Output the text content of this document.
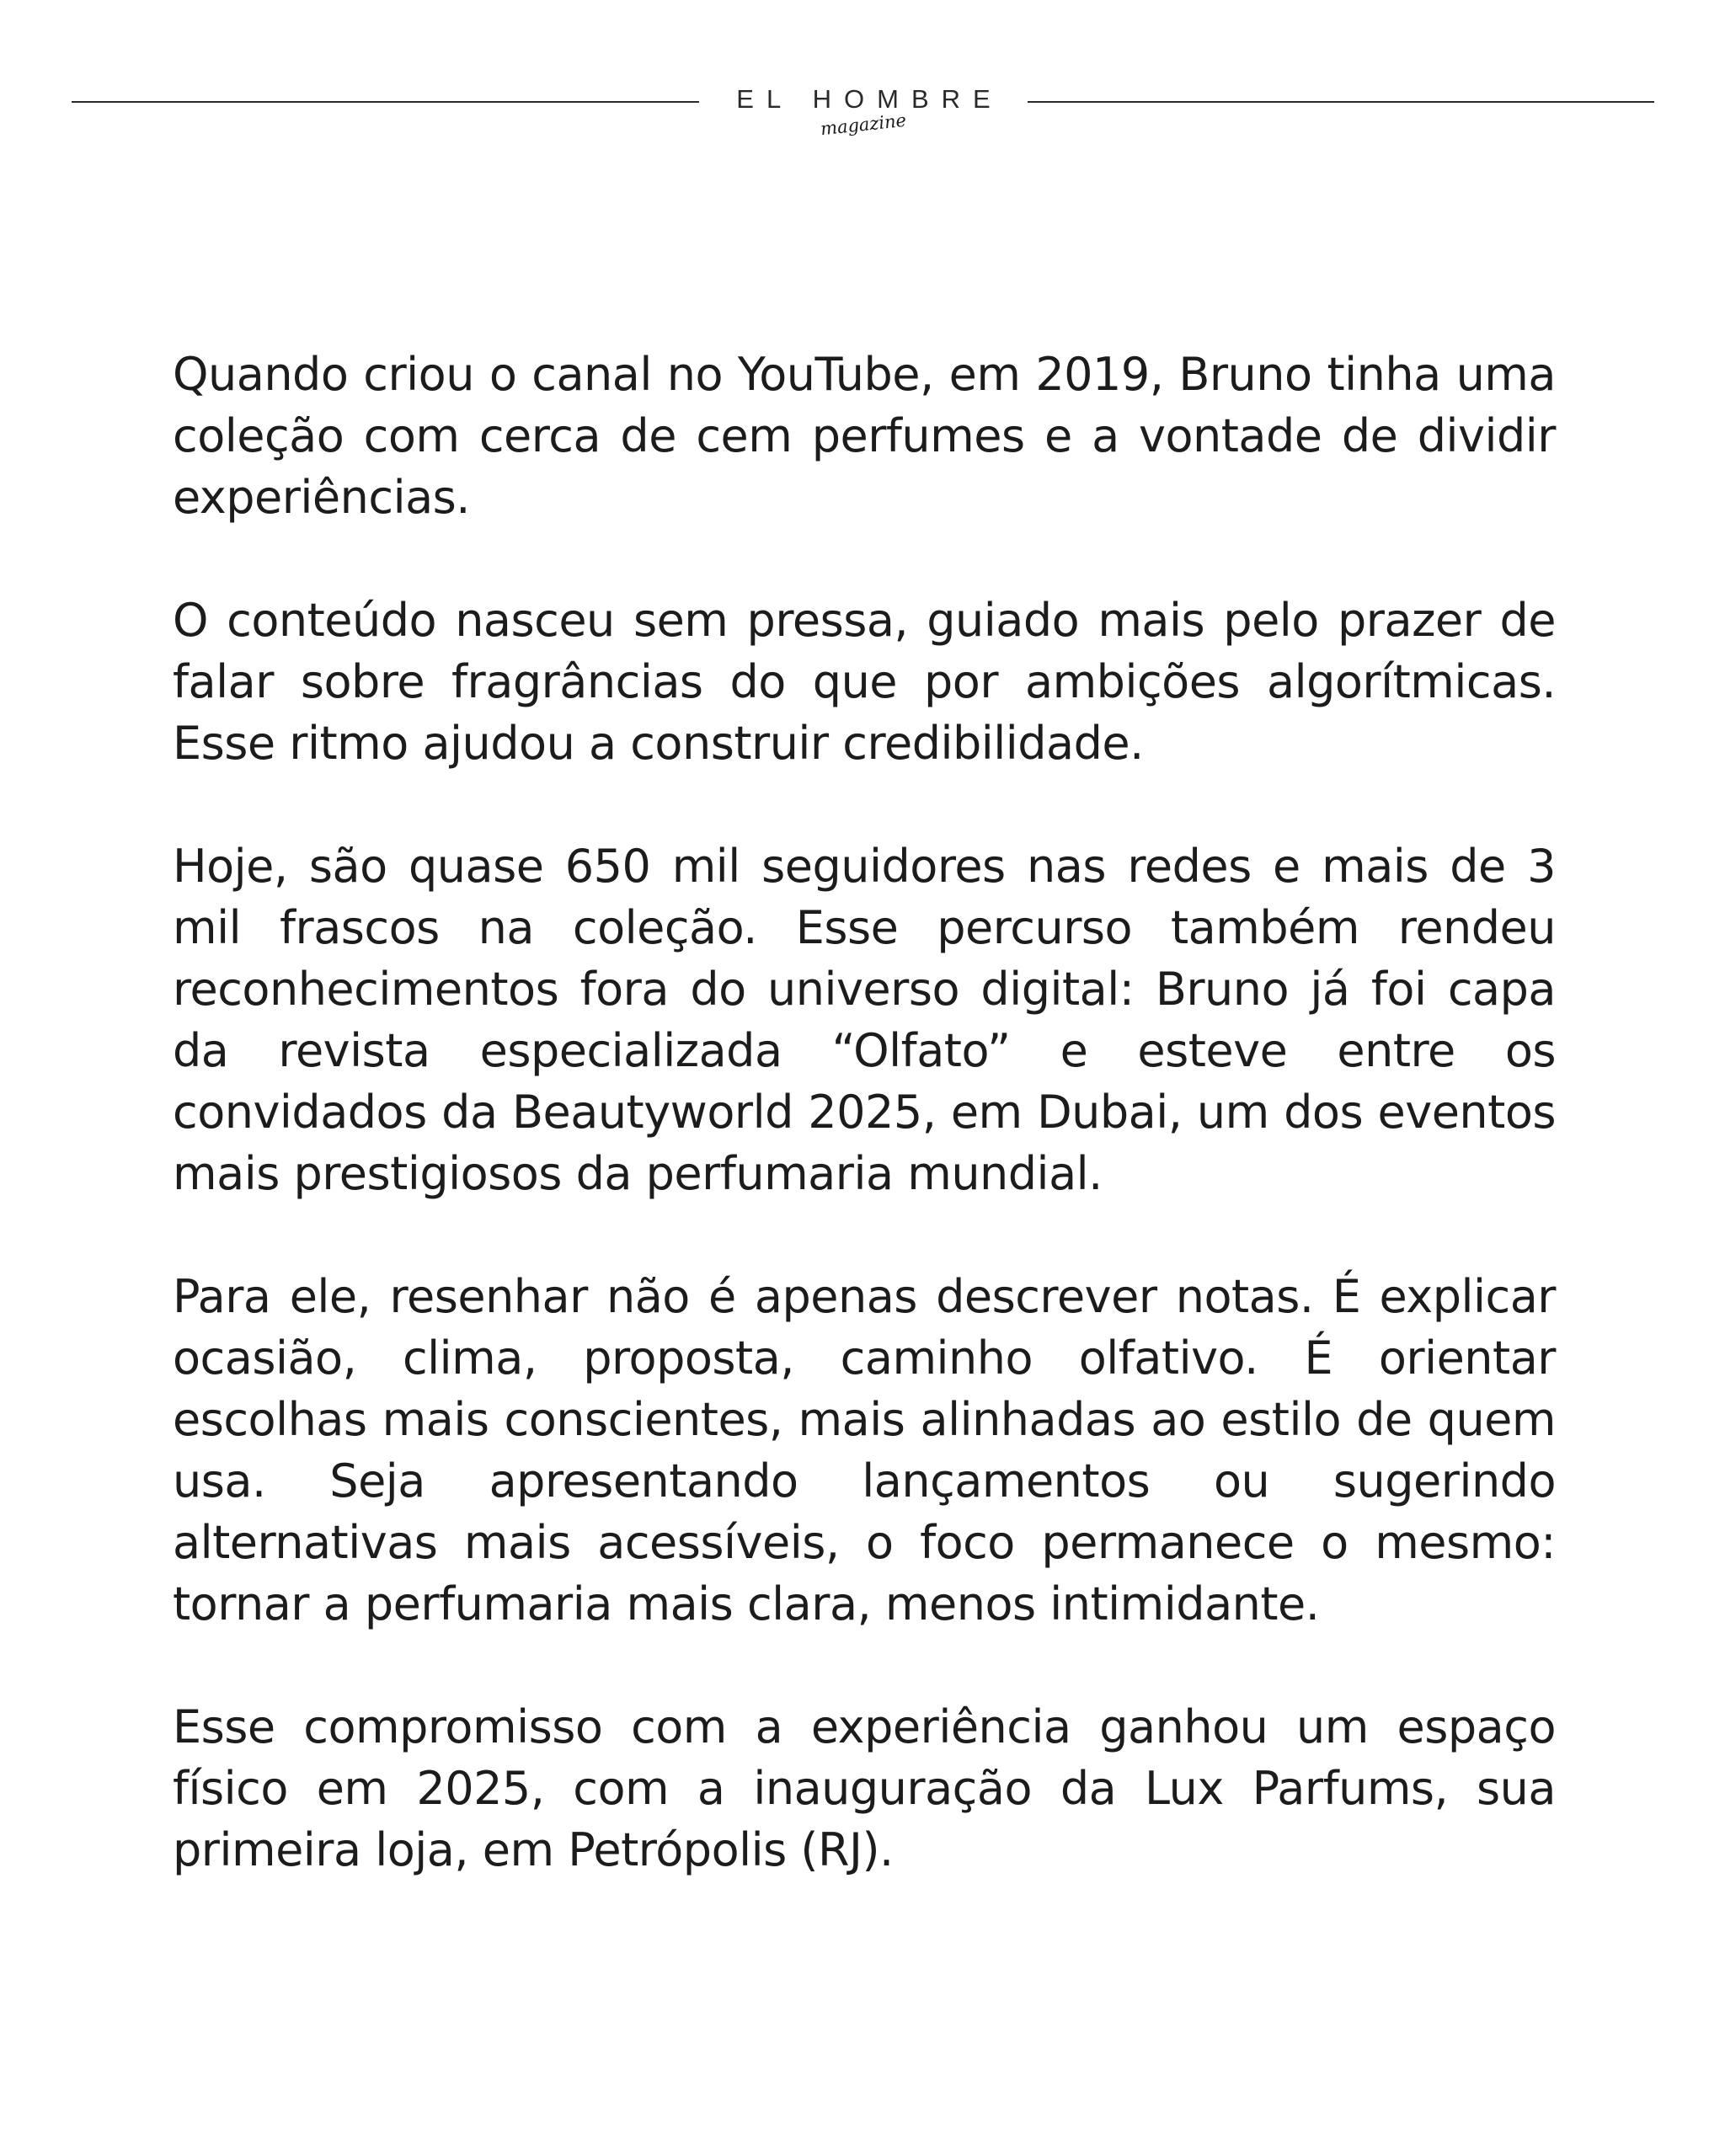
EL HOMBRE
magazine

Quando criou o canal no YouTube, em 2019, Bruno tinha uma coleção com cerca de cem perfumes e a vontade de dividir experiências.

O conteúdo nasceu sem pressa, guiado mais pelo prazer de falar sobre fragrâncias do que por ambições algorítmicas. Esse ritmo ajudou a construir credibilidade.

Hoje, são quase 650 mil seguidores nas redes e mais de 3 mil frascos na coleção. Esse percurso também rendeu reconhecimentos fora do universo digital: Bruno já foi capa da revista especializada “Olfato” e esteve entre os convidados da Beautyworld 2025, em Dubai, um dos eventos mais prestigiosos da perfumaria mundial.

Para ele, resenhar não é apenas descrever notas. É explicar ocasião, clima, proposta, caminho olfativo. É orientar escolhas mais conscientes, mais alinhadas ao estilo de quem usa. Seja apresentando lançamentos ou sugerindo alternativas mais acessíveis, o foco permanece o mesmo: tornar a perfumaria mais clara, menos intimidante.

Esse compromisso com a experiência ganhou um espaço físico em 2025, com a inauguração da Lux Parfums, sua primeira loja, em Petrópolis (RJ).
